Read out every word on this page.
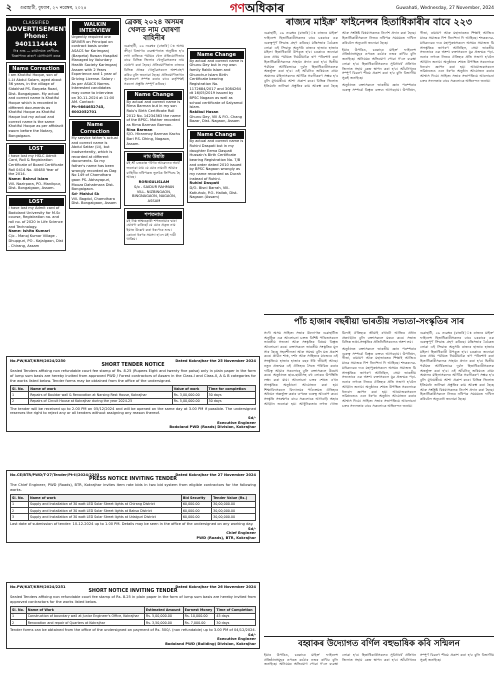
২	গুৱাহাটী, বুধবাৰ, ২৭ নৱেম্বৰ, ২০২৪	গণঅধিকাৰ	Guwahati, Wednesday, 27 November, 2024
CLASSIFIED
ADVERTISEMENT
Phone: 9401114444
নিঃ শুল্ক — কাৰ্যালয়ত শ্ৰেণীবদ্ধ বিজ্ঞাপনৰ কাৰণে যোগাযোগ কৰক
Name Correction
I am Khotiful Hoque, son of L.Lt Abdul Salam, aged about 56 years, in the village of Sidakhat PS- Barpeta Road, Dist- Bongaigaon. My actual and correct name is Khotiful Hoque which is recorded in different documents as Khotiful Hoque as Khotiful Haque but my actual and correct name is the same Khotiful Hoque as per affidavit sworn before the Notary, Bongaigaon.
LOST
I have lost my HSLC Admit Card, Roll & Registration Certificate of Board Certificate Roll 0414 No. 40480 Year of the 2014.
Name: Bahrul Islam
Vill- Nazirpara, PO- Manikpur, Dist- Bongaigaon, Assam.
LOST
I have lost my Admit card of Bodoland University for M.Sc course, Registration no. and roll no. of 2020 in Life Science and Technology.
Name: Ishita Kumari
C/o - Manoj Kumar Village - Dhupguri, PO - Kajalgaon, Dist - Chirang, Assam
WALKIN INTERVIEW
Urgently required one DRIVER on Principal on contract basis under ASACS for Karimganj (Barpeta) Ruwan Hospital Managed by Voluntary Health Society Karimganj Assam with 2 Years Experience and 1 year of Driving License. Salary : As per ASACS Norms.
Interested candidates may come to interview on 30-11-2024 at 11:00 AM. Contact:
Ph-9864652745, 6002052701
Name Correction
My service father's actual and correct name is Abdul Sattar (Lt), but inadvertently, which is recorded at different documents. So my father's name has been wrongly recorded as Dag No 149 of Chamdhara gaon PS- Abhayapuri, Mouza Dahatmara Dist- Bongaigaon.
Sd- Mahiul Sk
Vill- Bagdol, Chamdhara Dist- Bongaigaon, Assam
ব্ৰেকছ ২০২৪ অসমৰ খেলত নাম ঘোষণা বাহিনীৰ
গুৱাহাটী, ২৬ নৱেম্বৰ (বাতৰি)ঃ অসম ক্ৰীড়া বিভাগৰ ব্যৱস্থাপনাত অনুষ্ঠিত হ'ব লগা ৰাজ্যিক পৰ্যায়ৰ খেল প্ৰতিযোগিতাৰ বাবে বিভিন্ন জিলাৰ খেলুৱৈসকলৰ নাম ঘোষণা কৰা হৈছে। প্ৰতিযোগিতাত ৰাজ্যৰ বিভিন্ন প্ৰান্তৰ খেলুৱৈসকলে অংশগ্ৰহণ কৰিব বুলি জনোৱা হৈছে। প্ৰতিযোগিতাখন সুচাৰুৰূপে সম্পন্ন কৰাৰ বাবে কৰ্তৃপক্ষই সকলো প্ৰস্তুতি সম্পূৰ্ণ কৰিছে।
Name Change
By actual and correct name is Rima Barman but in my son Rolu's Birth Certificate Roll 2012 No. 14234363 the name of the BPSC- Mother recorded as Rima Barman Barman.
Rina Barman
S/O- Hiranmoy Barman Kachu Bari P.S- Dhing, Nagaon, Assam.
নাম উন্নতি
মই শ্ৰী চন্দ্ৰকান্ত গগৈৰ আৱেদনৰ অৰ্থে জনোৱা যায় যে মোৰ নামটো আমাৰ বাহিনীৰ নথিপত্ৰত ভুলকৈ লিপিবদ্ধ হৈ আছে।
RORIGULISLAM
S/o - SAIDUR RAHMAN
VILL- NIZBINGAON, BINGNAGAON, NAGAON, ASSAM
শপতনামা
মই নিম্ন স্বাক্ষৰকাৰী শপতনামাৰ দ্বাৰা ঘোষণা কৰিছোঁ যে মোৰ প্ৰকৃত নাম ইয়াত উল্লেখ কৰা ধৰণেৰে শুদ্ধ। কোনো ধৰণৰ সমস্যা হ'লে মই দায়ী থাকিম।
Name Change
By actual and correct name is Ghunu Dey but in my own family Rakib Islam and Ghunchur Islam Birth Certificate bearing Registration No. 1172684/2017 and 3084264 dt 16/05/2019 issued by BPSC Nagaon as well as school certificate of Salyamol Islam.
Rakibul Hasan
Ghunu Dey, Vill & P.O- Chang Bazar, Dist- Nagaon, Assam
Name Change
By actual and correct name is Ruhini Daspati but in my daughter Eema Daspati Hussain's Birth Certificate bearing Registration No. 7/B and order dated 2010 issued by BPSC Nagaon wrongly as my name recorded as Durah instead of Ruhini.
Ruhini Daspati
D/O- Bisni Barrah, Vill- Katiuhub, P.O- Hailak, Dist- Nagaon (Assam)
ৰাজ্যৰ মাইক্ৰ' ফাইনেন্সৰ হিতাধিকাৰীৰ বাবে ২২৩
গুৱাহাটী, ২৬ নৱেম্বৰ (বাতৰি)ঃ ৰাজ্যৰ মাইক্ৰ' ফাইনেন্স হিতাধিকাৰীসকলৰ বাবে চৰকাৰে এক গুৰুত্বপূৰ্ণ সিদ্ধান্ত গ্ৰহণ কৰিছে। মন্ত্ৰিসভাৰ বৈঠকত লোৱা এই সিদ্ধান্ত অনুসৰি ৰাজ্যৰ হাজাৰ হাজাৰ মহিলা হিতাধিকাৰী উপকৃত হ'ব। চৰকাৰে জনোৱা মতে প্ৰথম পৰ্যায়ত নিয়মীয়াকৈ ঋণ পৰিশোধ কৰা হিতাধিকাৰীসকলক সাহায্য প্ৰদান কৰা হ'ব। দ্বিতীয় পৰ্যায়ত আৰ্থিকভাৱে দুৰ্বল হিতাধিকাৰীসকলক অন্তৰ্ভুক্ত কৰা হ'ব। এই আঁচনিৰ জৰিয়তে গ্ৰাম্য অঞ্চলৰ মহিলাসকলৰ আৰ্থিক সবলীকৰণ সম্ভৱ হ'ব বুলি মুখ্যমন্ত্ৰীয়ে আশা প্ৰকাশ কৰে। বিভিন্ন জিলাত ইতিমধ্যে তালিকা প্ৰস্তুতিৰ কাম আৰম্ভ কৰা হৈছে আৰু সংশ্লিষ্ট বিষয়াসকলক নিৰ্দেশ প্ৰদান কৰা হৈছে। হিতাধিকাৰীসকলে নিজৰ নথিপত্ৰ সময়মতে দাখিল কৰিবলৈ অনুৰোধ জনোৱা হৈছে।
ইয়াৰ উপৰিও, চৰকাৰে মাইক্ৰ' ফাইনেন্স প্ৰতিষ্ঠানসমূহৰ ওপৰত কঠোৰ নজৰ ৰাখিব বুলি জনাইছে। অনিয়মৰ অভিযোগ পোৱা গ'লে ব্যৱস্থা লোৱা হ'ব। হিতাধিকাৰীসকলৰ সুবিধাৰ্থে প্ৰতিখন জিলাত সহায় কেন্দ্ৰ স্থাপন কৰা হ'ব। আঁচনিখনৰ সম্পূৰ্ণ বিৱৰণ শীঘ্ৰে প্ৰকাশ কৰা হ'ব বুলি বিভাগীয় সূত্ৰই জনাইছে।
অনুষ্ঠানত বক্তাসকলে ভাৰতীয় জ্ঞান পৰম্পৰাৰ গুৰুত্ব সম্পৰ্কে বিস্তৃত বক্তব্য আগবঢ়ায়। উপনিষদ, গীতা, ৰামায়ণ আৰু মহাভাৰতৰ শিক্ষাই আজিও মানৱ সমাজক দিশ নিৰ্দেশনা দি আহিছে। শংকৰদেৱ-মাধৱদেৱৰ দৰে মহাপুৰুষসকলে অসমৰ সমাজত যি সাংস্কৃতিক জাগৰণ আনিছিল, সেয়া ভাৰতীয় সভ্যতাৰে এক অংশ। বক্তাসকলে যুৱ প্ৰজন্মক পঢ়া-শুনাৰ লগতে নিজৰ ঐতিহ্যৰ প্ৰতি সজাগ হ'বলৈ আহ্বান জনায়। অনুষ্ঠানৰ শেষত উপস্থিত সকলোকে ধন্যবাদ জ্ঞাপন কৰা হয়। আয়োজকসকলে ভৱিষ্যতেও এনে ধৰণৰ অনুষ্ঠান আয়োজন কৰাৰ আশ্বাস দিয়ে। সাহিত্য সভাৰ সভাপতিয়ে আলোচনা চক্ৰৰ সফলতাৰ বাবে সকলোকে অভিনন্দন জনায়।
পাঁচ হাজাৰ বছৰীয়া ভাৰতীয় সভ্যতা-সংস্কৃতিৰ সাৰ
সদৌ অসম সাহিত্য সভাৰ উদ্যোগত গুৱাহাটীত অনুষ্ঠিত এক আলোচনা চক্ৰত বিশিষ্ট পণ্ডিতসকলে ভাৰতীয় সভ্যতা আৰু সংস্কৃতিৰ বিষয়ে বিস্তৃত আলোচনা কৰে। বক্তাসকলে ভাৰতীয় সংস্কৃতিৰ মূল সাৰ হৈছে সহনশীলতা আৰু সমন্বয় বুলি মত প্ৰকাশ কৰে। প্ৰাচীন শাস্ত্ৰ, দৰ্শন আৰু সাহিত্যৰ মাজেৰে এই সংস্কৃতিয়ে হাজাৰ হাজাৰ বছৰ ধৰি জীয়াই আছে। নতুন প্ৰজন্মক এই ঐতিহ্যৰ সৈতে পৰিচিত কৰাৰ দায়িত্ব আমাৰ সকলোৰে বুলি বক্তাসকলে উল্লেখ কৰে। অনুষ্ঠানত ছাত্ৰ-ছাত্ৰীসহ বহু লোকৰ উপস্থিতি লক্ষ্য কৰা যায়। আলোচনা চক্ৰৰ শেষত এখন সাংস্কৃতিক অনুষ্ঠানো আয়োজন কৰা হয়। শিক্ষাবিদসকলে বিদ্যালয়ৰ পাঠ্যক্ৰমত ঐতিহ্যৰ অধ্যয়ন অন্তৰ্ভুক্ত কৰাৰ ওপৰত গুৰুত্ব আৰোপ কৰে। সংস্কৃতি সংৰক্ষণৰ বাবে সকলোকে আগবাঢ়ি অহাৰ আহ্বান জনোৱা হয়। আধুনিকতাৰ লগত খোজ মিলাই ঐতিহ্যক জীয়াই ৰখাটো আজিৰ প্ৰধান প্ৰত্যাহ্বান বুলি বক্তাসকলে মন্তব্য কৰে। সভাত বিভিন্ন ভাষা-সংস্কৃতিৰ প্ৰতিনিধিসকলেও অংশ লয়।
অনুষ্ঠানত বক্তাসকলে ভাৰতীয় জ্ঞান পৰম্পৰাৰ গুৰুত্ব সম্পৰ্কে বিস্তৃত বক্তব্য আগবঢ়ায়। উপনিষদ, গীতা, ৰামায়ণ আৰু মহাভাৰতৰ শিক্ষাই আজিও মানৱ সমাজক দিশ নিৰ্দেশনা দি আহিছে। শংকৰদেৱ-মাধৱদেৱৰ দৰে মহাপুৰুষসকলে অসমৰ সমাজত যি সাংস্কৃতিক জাগৰণ আনিছিল, সেয়া ভাৰতীয় সভ্যতাৰে এক অংশ। বক্তাসকলে যুৱ প্ৰজন্মক পঢ়া-শুনাৰ লগতে নিজৰ ঐতিহ্যৰ প্ৰতি সজাগ হ'বলৈ আহ্বান জনায়। অনুষ্ঠানৰ শেষত উপস্থিত সকলোকে ধন্যবাদ জ্ঞাপন কৰা হয়। আয়োজকসকলে ভৱিষ্যতেও এনে ধৰণৰ অনুষ্ঠান আয়োজন কৰাৰ আশ্বাস দিয়ে। সাহিত্য সভাৰ সভাপতিয়ে আলোচনা চক্ৰৰ সফলতাৰ বাবে সকলোকে অভিনন্দন জনায়।
গুৱাহাটী, ২৬ নৱেম্বৰ (বাতৰি)ঃ ৰাজ্যৰ মাইক্ৰ' ফাইনেন্স হিতাধিকাৰীসকলৰ বাবে চৰকাৰে এক গুৰুত্বপূৰ্ণ সিদ্ধান্ত গ্ৰহণ কৰিছে। মন্ত্ৰিসভাৰ বৈঠকত লোৱা এই সিদ্ধান্ত অনুসৰি ৰাজ্যৰ হাজাৰ হাজাৰ মহিলা হিতাধিকাৰী উপকৃত হ'ব। চৰকাৰে জনোৱা মতে প্ৰথম পৰ্যায়ত নিয়মীয়াকৈ ঋণ পৰিশোধ কৰা হিতাধিকাৰীসকলক সাহায্য প্ৰদান কৰা হ'ব। দ্বিতীয় পৰ্যায়ত আৰ্থিকভাৱে দুৰ্বল হিতাধিকাৰীসকলক অন্তৰ্ভুক্ত কৰা হ'ব। এই আঁচনিৰ জৰিয়তে গ্ৰাম্য অঞ্চলৰ মহিলাসকলৰ আৰ্থিক সবলীকৰণ সম্ভৱ হ'ব বুলি মুখ্যমন্ত্ৰীয়ে আশা প্ৰকাশ কৰে। বিভিন্ন জিলাত ইতিমধ্যে তালিকা প্ৰস্তুতিৰ কাম আৰম্ভ কৰা হৈছে আৰু সংশ্লিষ্ট বিষয়াসকলক নিৰ্দেশ প্ৰদান কৰা হৈছে। হিতাধিকাৰীসকলে নিজৰ নথিপত্ৰ সময়মতে দাখিল কৰিবলৈ অনুৰোধ জনোৱা হৈছে।
বহ্বাকৰ উদ্যোগত বৰ্ণিল বহুভাষিক কবি সন্মিলন
ইয়াৰ উপৰিও, চৰকাৰে মাইক্ৰ' ফাইনেন্স প্ৰতিষ্ঠানসমূহৰ ওপৰত কঠোৰ নজৰ ৰাখিব বুলি জনাইছে। অনিয়মৰ অভিযোগ পোৱা গ'লে ব্যৱস্থা লোৱা হ'ব। হিতাধিকাৰীসকলৰ সুবিধাৰ্থে প্ৰতিখন জিলাত সহায় কেন্দ্ৰ স্থাপন কৰা হ'ব। আঁচনিখনৰ সম্পূৰ্ণ বিৱৰণ শীঘ্ৰে প্ৰকাশ কৰা হ'ব বুলি বিভাগীয় সূত্ৰই জনাইছে।
No.PW/KAT/KRM/2024/2250	Dated Kokrajhar the 25 November 2024
SHORT TENDER NOTICE
Sealed Tenders affixing non refundable court fee stamp of Rs. 8.25 (Rupees Eight and twenty five paisa) only in plain paper in the form of lump sum basis are hereby invited from approved PWD / Forest contractors of Assam in the Class-I and Class-II, A & B categories for the works listed below. Tender forms may be obtained from the office of the undersigned.
Sl. No.	Name of work	Value of work	Time for completion
1	Repairs of Bouldar wall & Renovation at Narsing Rest House, Kokrajhar	Rs. 3,00,000.00	30 days
2	Repairs of Circuit House at Kokrajhar during the year 2024-25	Rs. 5,00,000.00	30 days
The tender will be received up to 2.00 PM on 05/12/2024 and will be opened on the same day at 3.00 PM if possible. The undersigned reserves the right to reject any or all tenders without assigning any reason thereof.
Sd/-
Executive Engineer
Bodoland PWD (Roads) Division, Kokrajhar
No.CE/BTR/PWD/T-27/Tender/Pt-II/2024/2293	Dated Kokrajhar the 27 November 2024
PRESS NOTICE INVITING TENDER
The Chief Engineer, PWD (Roads), BTR, Kokrajhar invites item rate bids in two bid system from eligible contractors for the following works.
Sl. No.	Name of work	Bid Security	Tender Value (Rs.)
1	Supply and Installation of 30 watt LED Solar Street lights at Chirang District	60,000.00	30,00,000.00
2	Supply and Installation of 30 watt LED Solar Street lights at Baksa District	60,000.00	30,00,000.00
3	Supply and Installation of 30 watt LED Solar Street lights at Udalguri District	60,000.00	30,00,000.00
Last date of submission of tender: 10-12-2024 up to 1.00 PM. Details may be seen in the office of the undersigned on any working day.
Sd/-
Chief Engineer
PWD (Roads), BTR, Kokrajhar
No.PW/KAT/KRM/2024/2251	Dated Kokrajhar the 26 November 2024
SHORT NOTICE INVITING TENDER
Sealed Tenders affixing non refundable court fee stamp of Rs. 8.25 in plain paper in the form of lump sum basis are hereby invited from approved contractors for the works listed below.
Sl. No.	Name of Work	Estimated Amount	Earnest Money	Time of Completion
1	Construction of boundary wall at Junior Engineer's Office, Kokrajhar	Rs. 5,00,000.00	Rs. 10,000.00	45 days
2	Renovation and repair of Quarters at Kokrajhar	Rs. 3,50,000.00	Rs. 7,000.00	30 days
Tender forms can be obtained from the office of the undersigned on payment of Rs. 500/- (non refundable) up to 3.00 PM of 04/12/2024.
Sd/-
Executive Engineer
Bodoland PWD (Building) Division, Kokrajhar
